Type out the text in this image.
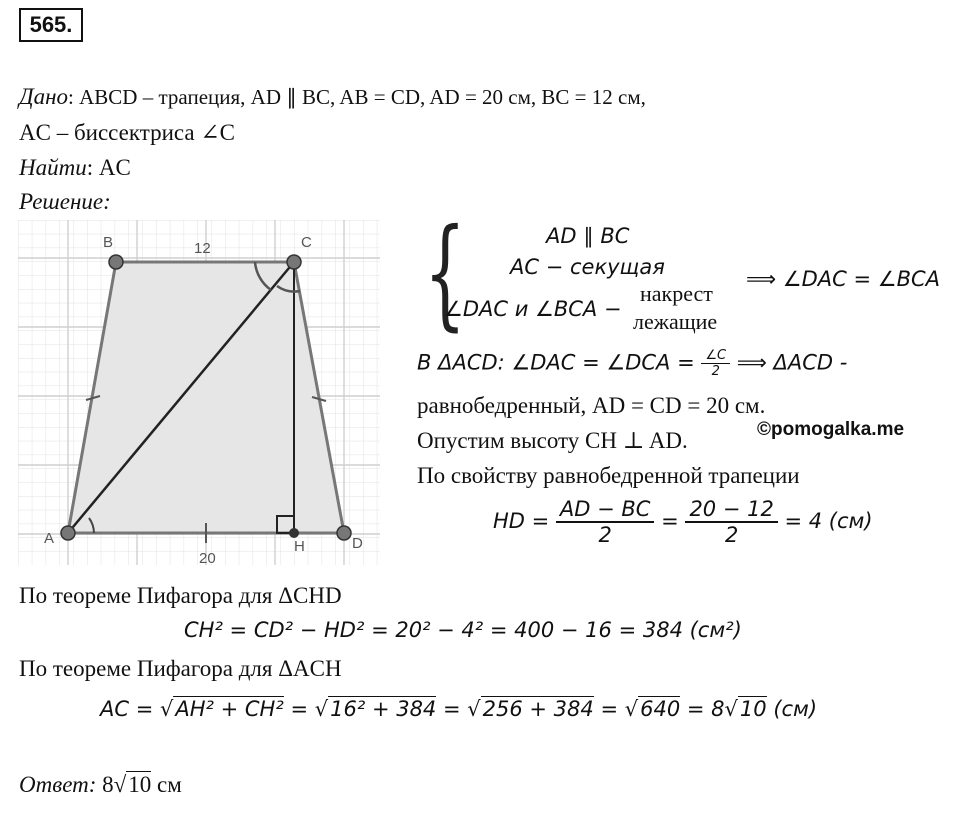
565.
Дано: ABCD – трапеция, AD ∥ BC, AB = CD, AD = 20 см, BC = 12 см,
AC – биссектриса ∠C
Найти: AC
Решение:
A
B	C
D
H
12
20
{	AD ∥ BC
AC − секущая
∠DAC и ∠BCA −
накрест
лежащие
⟹ ∠DAC = ∠BCA
В ΔACD: ∠DAC = ∠DCA = $\frac{\angle C}{2}$ ⟹ ΔACD -
равнобедренный, AD = CD = 20 см.
Опустим высоту CH ⊥ AD.	©pomogalka.me
По свойству равнобедренной трапеции
HD = $\frac{AD - BC}{2} = \frac{20 - 12}{2} = 4$ (см)
По теореме Пифагора для ΔCHD
CH² = CD² − HD² = 20² − 4² = 400 − 16 = 384 (см²)
По теореме Пифагора для ΔACH
AC = √AH² + CH² = √16² + 384 = √256 + 384 = √640 = 8√10 (см)
Ответ: 8√10 см
